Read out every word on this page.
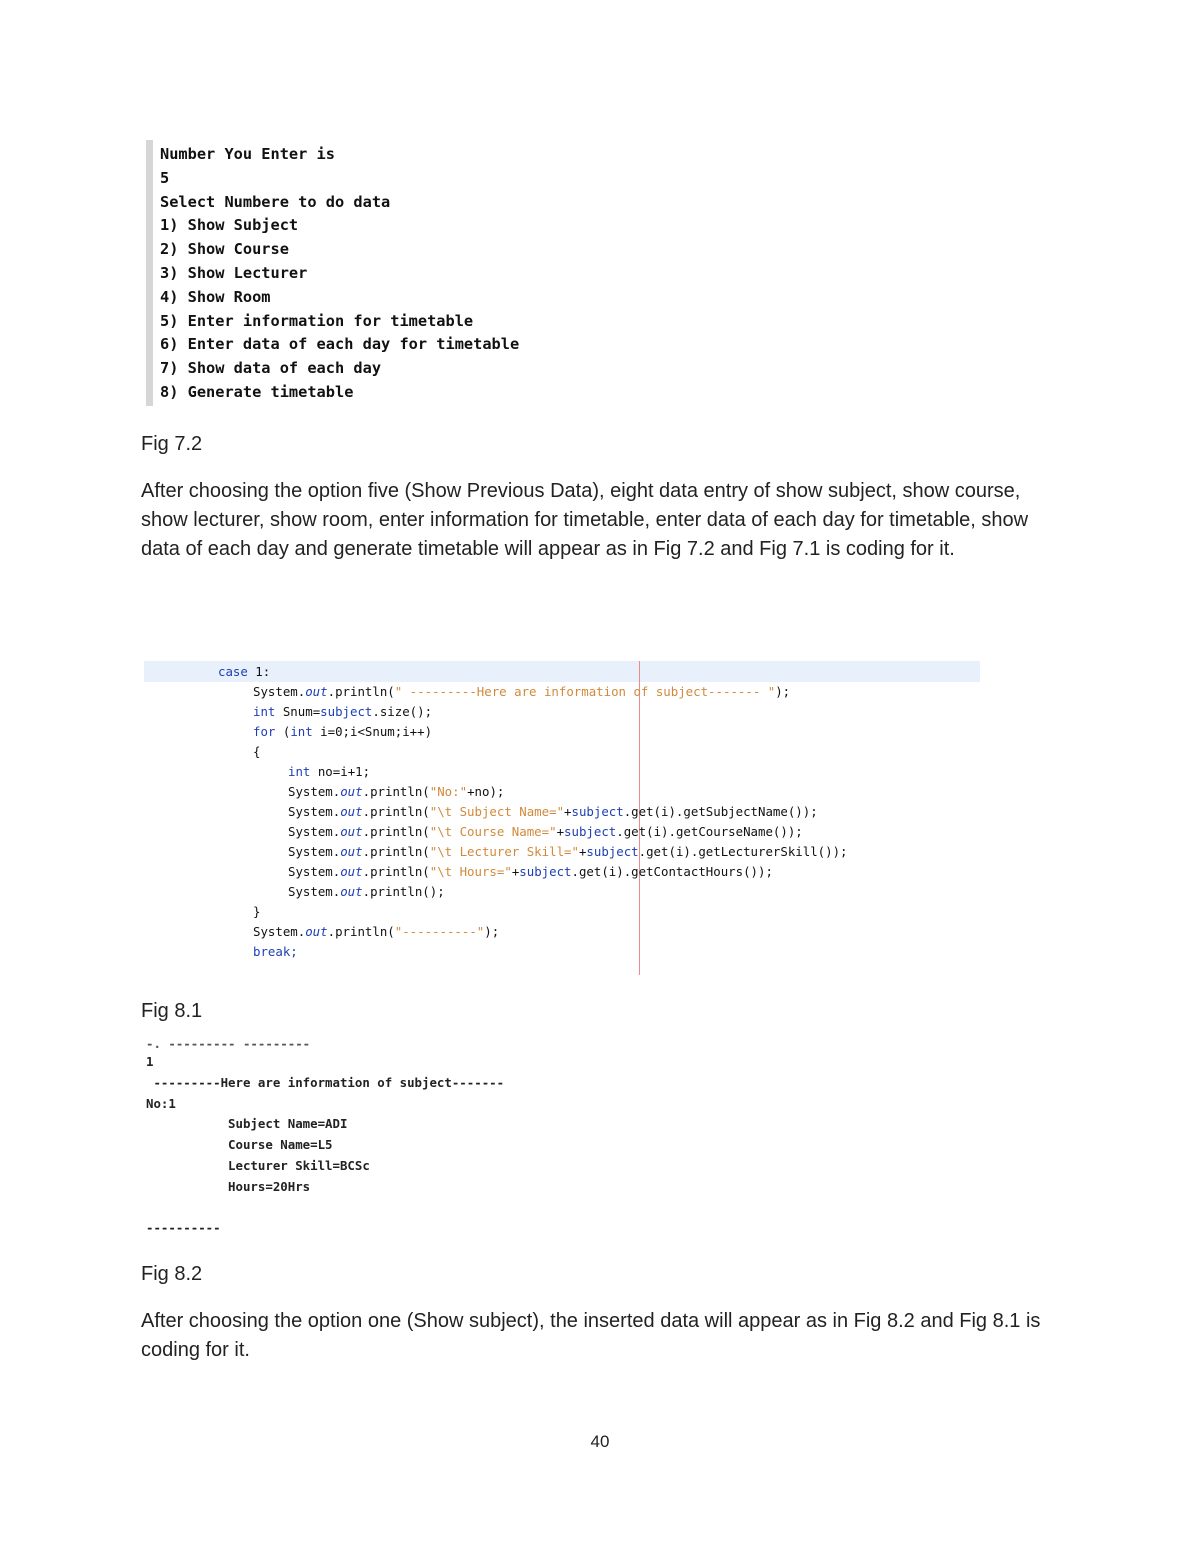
Number You Enter is
5
Select Numbere to do data
1) Show Subject
2) Show Course
3) Show Lecturer
4) Show Room
5) Enter information for timetable
6) Enter data of each day for timetable
7) Show data of each day
8) Generate timetable
Fig 7.2
After choosing the option five (Show Previous Data), eight data entry of show subject, show course, show lecturer, show room, enter information for timetable, enter data of each day for timetable, show data of each day and generate timetable will appear as in Fig 7.2 and Fig 7.1 is coding for it.
case 1:
System.out.println(" ---------Here are information of subject------- ");
int Snum=subject.size();
for (int i=0;i<Snum;i++)
{
int no=i+1;
System.out.println("No:"+no);
System.out.println("\t Subject Name="+subject.get(i).getSubjectName());
System.out.println("\t Course Name="+subject.get(i).getCourseName());
System.out.println("\t Lecturer Skill="+subject.get(i).getLecturerSkill());
System.out.println("\t Hours="+subject.get(i).getContactHours());
System.out.println();
}
System.out.println("----------");
break;
Fig 8.1
-. --------- ---------
1
---------Here are information of subject-------
No:1
Subject Name=ADI
Course Name=L5
Lecturer Skill=BCSc
Hours=20Hrs
----------
Fig 8.2
After choosing the option one (Show subject), the inserted data will appear as in Fig 8.2 and Fig 8.1 is coding for it.
40
